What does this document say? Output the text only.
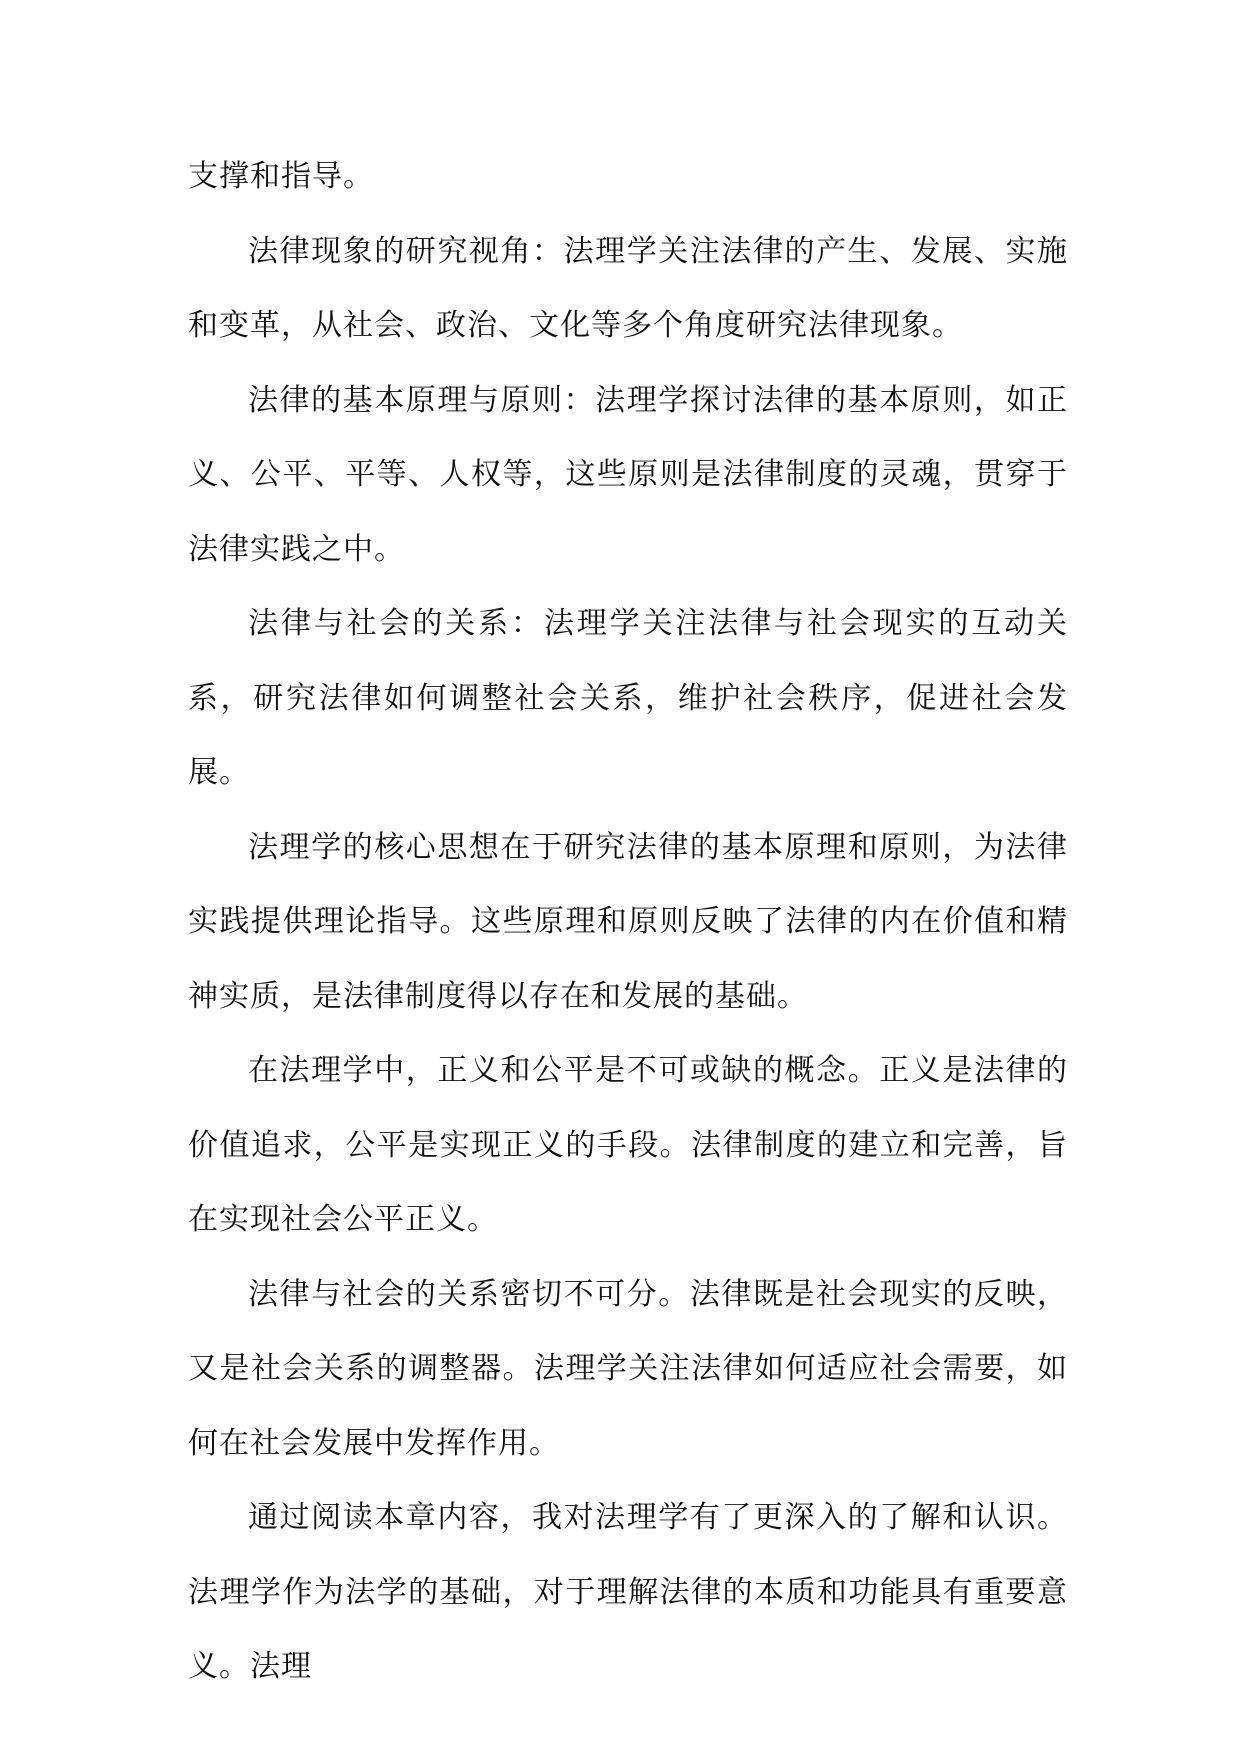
支撑和指导。

法律现象的研究视角：法理学关注法律的产生、发展、实施和变革，从社会、政治、文化等多个角度研究法律现象。

法律的基本原理与原则：法理学探讨法律的基本原则，如正义、公平、平等、人权等，这些原则是法律制度的灵魂，贯穿于法律实践之中。

法律与社会的关系：法理学关注法律与社会现实的互动关系，研究法律如何调整社会关系，维护社会秩序，促进社会发展。

法理学的核心思想在于研究法律的基本原理和原则，为法律实践提供理论指导。这些原理和原则反映了法律的内在价值和精神实质，是法律制度得以存在和发展的基础。

在法理学中，正义和公平是不可或缺的概念。正义是法律的价值追求，公平是实现正义的手段。法律制度的建立和完善，旨在实现社会公平正义。

法律与社会的关系密切不可分。法律既是社会现实的反映，又是社会关系的调整器。法理学关注法律如何适应社会需要，如何在社会发展中发挥作用。

通过阅读本章内容，我对法理学有了更深入的了解和认识。法理学作为法学的基础，对于理解法律的本质和功能具有重要意义。法理
